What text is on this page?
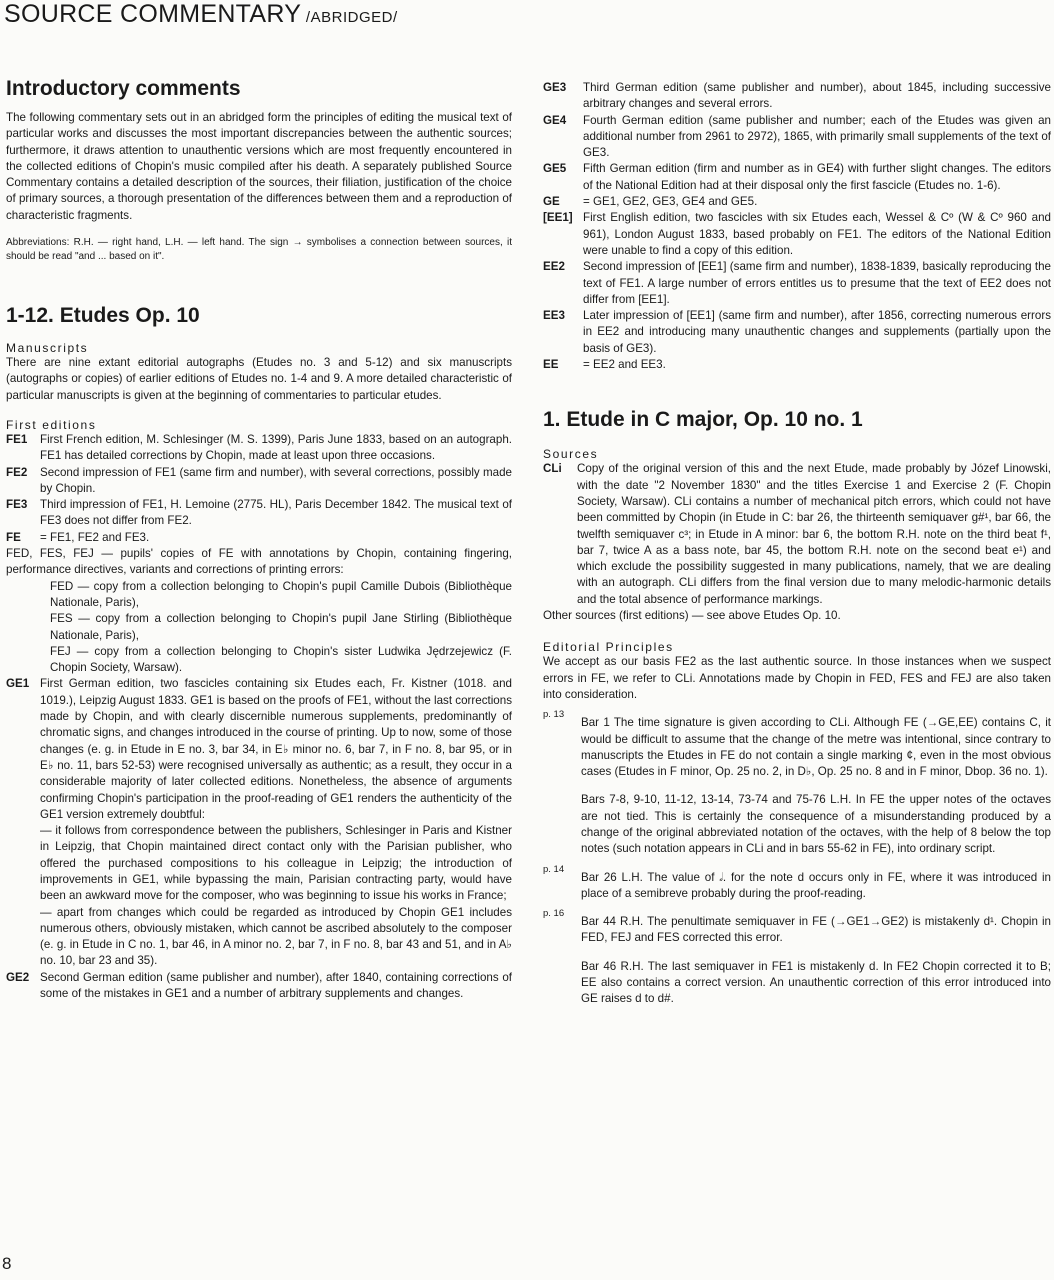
SOURCE COMMENTARY /ABRIDGED/
Introductory comments

The following commentary sets out in an abridged form the principles of editing the musical text of particular works and discusses the most important discrepancies between the authentic sources; furthermore, it draws attention to unauthentic versions which are most frequently encountered in the collected editions of Chopin's music compiled after his death. A separately published Source Commentary contains a detailed description of the sources, their filiation, justification of the choice of primary sources, a thorough presentation of the differences between them and a reproduction of characteristic fragments.

Abbreviations: R.H. — right hand, L.H. — left hand. The sign → symbolises a connection between sources, it should be read "and ... based on it".

1-12. Etudes Op. 10

Manuscripts

There are nine extant editorial autographs (Etudes no. 3 and 5-12) and six manuscripts (autographs or copies) of earlier editions of Etudes no. 1-4 and 9. A more detailed characteristic of particular manuscripts is given at the beginning of commentaries to particular etudes.

First editions

FE1	First French edition, M. Schlesinger (M. S. 1399), Paris June 1833, based on an autograph. FE1 has detailed corrections by Chopin, made at least upon three occasions.
FE2	Second impression of FE1 (same firm and number), with several corrections, possibly made by Chopin.
FE3	Third impression of FE1, H. Lemoine (2775. HL), Paris December 1842. The musical text of FE3 does not differ from FE2.
FE	= FE1, FE2 and FE3.

FED, FES, FEJ — pupils' copies of FE with annotations by Chopin, containing fingering, performance directives, variants and corrections of printing errors:

FED — copy from a collection belonging to Chopin's pupil Camille Dubois (Bibliothèque Nationale, Paris),

FES — copy from a collection belonging to Chopin's pupil Jane Stirling (Bibliothèque Nationale, Paris),

FEJ — copy from a collection belonging to Chopin's sister Ludwika Jędrzejewicz (F. Chopin Society, Warsaw).

GE1 First German edition, two fascicles containing six Etudes each, Fr. Kistner (1018. and 1019.), Leipzig August 1833. GE1 is based on the proofs of FE1, without the last corrections made by Chopin, and with clearly discernible numerous supplements, predominantly of chromatic signs, and changes introduced in the course of printing. Up to now, some of those changes (e. g. in Etude in E no. 3, bar 34, in E♭ minor no. 6, bar 7, in F no. 8, bar 95, or in E♭ no. 11, bars 52-53) were recognised universally as authentic; as a result, they occur in a considerable majority of later collected editions. Nonetheless, the absence of arguments confirming Chopin's participation in the proof-reading of GE1 renders the authenticity of the GE1 version extremely doubtful:

— it follows from correspondence between the publishers, Schlesinger in Paris and Kistner in Leipzig, that Chopin maintained direct contact only with the Parisian publisher, who offered the purchased compositions to his colleague in Leipzig; the introduction of improvements in GE1, while bypassing the main, Parisian contracting party, would have been an awkward move for the composer, who was beginning to issue his works in France;

— apart from changes which could be regarded as introduced by Chopin GE1 includes numerous others, obviously mistaken, which cannot be ascribed absolutely to the composer (e. g. in Etude in C no. 1, bar 46, in A minor no. 2, bar 7, in F no. 8, bar 43 and 51, and in A♭ no. 10, bar 23 and 35).

GE2 Second German edition (same publisher and number), after 1840, containing corrections of some of the mistakes in GE1 and a number of arbitrary supplements and changes.
GE3	Third German edition (same publisher and number), about 1845, including successive arbitrary changes and several errors.
GE4	Fourth German edition (same publisher and number; each of the Etudes was given an additional number from 2961 to 2972), 1865, with primarily small supplements of the text of GE3.
GE5	Fifth German edition (firm and number as in GE4) with further slight changes. The editors of the National Edition had at their disposal only the first fascicle (Etudes no. 1-6).
GE	= GE1, GE2, GE3, GE4 and GE5.
[EE1] First English edition, two fascicles with six Etudes each, Wessel & Cº (W & Cº 960 and 961), London August 1833, based probably on FE1. The editors of the National Edition were unable to find a copy of this edition.
EE2	Second impression of [EE1] (same firm and number), 1838-1839, basically reproducing the text of FE1. A large number of errors entitles us to presume that the text of EE2 does not differ from [EE1].
EE3	Later impression of [EE1] (same firm and number), after 1856, correcting numerous errors in EE2 and introducing many unauthentic changes and supplements (partially upon the basis of GE3).
EE	= EE2 and EE3.
1. Etude in C major, Op. 10 no. 1

Sources

CLi	Copy of the original version of this and the next Etude, made probably by Józef Linowski, with the date "2 November 1830" and the titles Exercise 1 and Exercise 2 (F. Chopin Society, Warsaw). CLi contains a number of mechanical pitch errors, which could not have been committed by Chopin (in Etude in C: bar 26, the thirteenth semiquaver g#¹, bar 66, the twelfth semiquaver c³; in Etude in A minor: bar 6, the bottom R.H. note on the third beat f¹, bar 7, twice A as a bass note, bar 45, the bottom R.H. note on the second beat e¹) and which exclude the possibility suggested in many publications, namely, that we are dealing with an autograph. CLi differs from the final version due to many melodic-harmonic details and the total absence of performance markings.

Other sources (first editions) — see above Etudes Op. 10.

Editorial Principles

We accept as our basis FE2 as the last authentic source. In those instances when we suspect errors in FE, we refer to CLi. Annotations made by Chopin in FED, FES and FEJ are also taken into consideration.

p. 13
Bar 1 The time signature is given according to CLi. Although FE (→GE,EE) contains C, it would be difficult to assume that the change of the metre was intentional, since contrary to manuscripts the Etudes in FE do not contain a single marking ¢, even in the most obvious cases (Etudes in F minor, Op. 25 no. 2, in D♭, Op. 25 no. 8 and in F minor, Dbop. 36 no. 1).

Bars 7-8, 9-10, 11-12, 13-14, 73-74 and 75-76 L.H. In FE the upper notes of the octaves are not tied. This is certainly the consequence of a misunderstanding produced by a change of the original abbreviated notation of the octaves, with the help of 8 below the top notes (such notation appears in CLi and in bars 55-62 in FE), into ordinary script.

p. 14
Bar 26 L.H. The value of 𝅗𝅥. for the note d occurs only in FE, where it was introduced in place of a semibreve probably during the proof-reading.
p. 16
Bar 44 R.H. The penultimate semiquaver in FE (→GE1→GE2) is mistakenly d¹. Chopin in FED, FEJ and FES corrected this error.

Bar 46 R.H. The last semiquaver in FE1 is mistakenly d. In FE2 Chopin corrected it to B; EE also contains a correct version. An unauthentic correction of this error introduced into GE raises d to d#.

8
